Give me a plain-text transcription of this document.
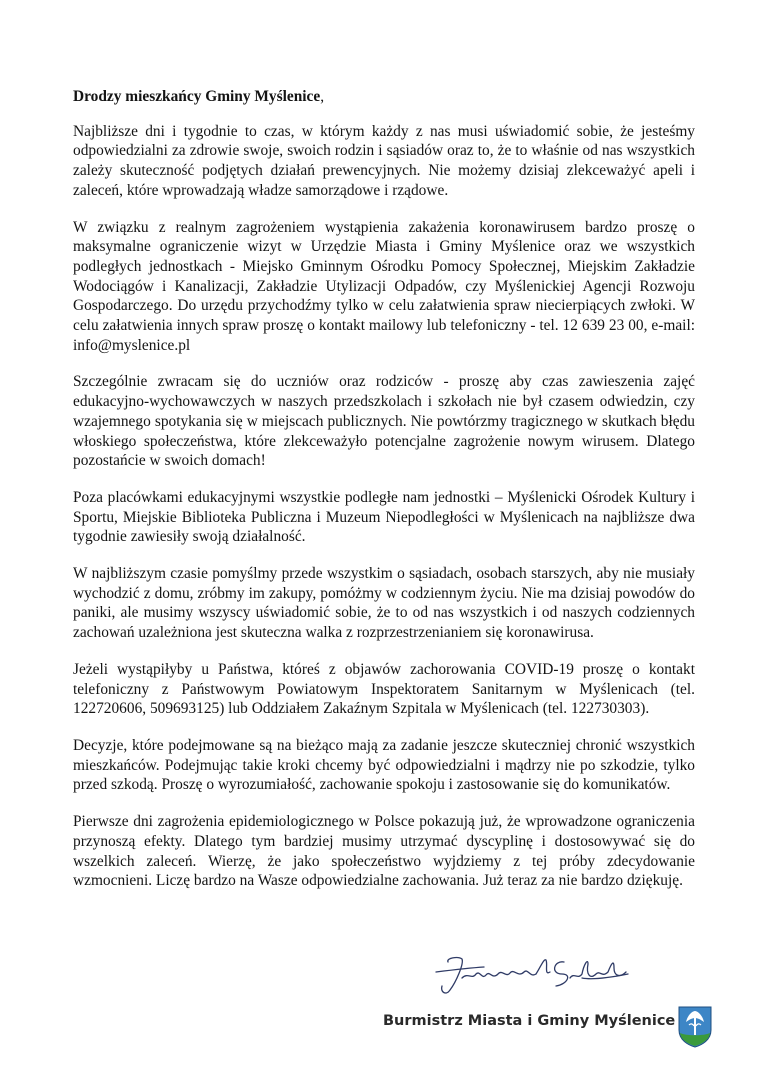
Drodzy mieszkańcy Gminy Myślenice,

Najbliższe dni i tygodnie to czas, w którym każdy z nas musi uświadomić sobie, że jesteśmy odpowiedzialni za zdrowie swoje, swoich rodzin i sąsiadów oraz to, że to właśnie od nas wszystkich zależy skuteczność podjętych działań prewencyjnych. Nie możemy dzisiaj zlekceważyć apeli i zaleceń, które wprowadzają władze samorządowe i rządowe.

W związku z realnym zagrożeniem wystąpienia zakażenia koronawirusem bardzo proszę o maksymalne ograniczenie wizyt w Urzędzie Miasta i Gminy Myślenice oraz we wszystkich podległych jednostkach - Miejsko Gminnym Ośrodku Pomocy Społecznej, Miejskim Zakładzie Wodociągów i Kanalizacji, Zakładzie Utylizacji Odpadów, czy Myślenickiej Agencji Rozwoju Gospodarczego. Do urzędu przychodźmy tylko w celu załatwienia spraw niecierpiących zwłoki. W celu załatwienia innych spraw proszę o kontakt mailowy lub telefoniczny - tel. 12 639 23 00, e-mail: info@myslenice.pl

Szczególnie zwracam się do uczniów oraz rodziców - proszę aby czas zawieszenia zajęć edukacyjno-wychowawczych w naszych przedszkolach i szkołach nie był czasem odwiedzin, czy wzajemnego spotykania się w miejscach publicznych. Nie powtórzmy tragicznego w skutkach błędu włoskiego społeczeństwa, które zlekceważyło potencjalne zagrożenie nowym wirusem. Dlatego pozostańcie w swoich domach!

Poza placówkami edukacyjnymi wszystkie podległe nam jednostki – Myślenicki Ośrodek Kultury i Sportu, Miejskie Biblioteka Publiczna i Muzeum Niepodległości w Myślenicach na najbliższe dwa tygodnie zawiesiły swoją działalność.

W najbliższym czasie pomyślmy przede wszystkim o sąsiadach, osobach starszych, aby nie musiały wychodzić z domu, zróbmy im zakupy, pomóżmy w codziennym życiu. Nie ma dzisiaj powodów do paniki, ale musimy wszyscy uświadomić sobie, że to od nas wszystkich i od naszych codziennych zachowań uzależniona jest skuteczna walka z rozprzestrzenianiem się koronawirusa.

Jeżeli wystąpiłyby u Państwa, któreś z objawów zachorowania COVID-19 proszę o kontakt telefoniczny z Państwowym Powiatowym Inspektoratem Sanitarnym w Myślenicach (tel. 122720606, 509693125) lub Oddziałem Zakaźnym Szpitala w Myślenicach (tel. 122730303).

Decyzje, które podejmowane są na bieżąco mają za zadanie jeszcze skuteczniej chronić wszystkich mieszkańców. Podejmując takie kroki chcemy być odpowiedzialni i mądrzy nie po szkodzie, tylko przed szkodą. Proszę o wyrozumiałość, zachowanie spokoju i zastosowanie się do komunikatów.

Pierwsze dni zagrożenia epidemiologicznego w Polsce pokazują już, że wprowadzone ograniczenia przynoszą efekty. Dlatego tym bardziej musimy utrzymać dyscyplinę i dostosowywać się do wszelkich zaleceń. Wierzę, że jako społeczeństwo wyjdziemy z tej próby zdecydowanie wzmocnieni. Liczę bardzo na Wasze odpowiedzialne zachowania. Już teraz za nie bardzo dziękuję.

Burmistrz Miasta i Gminy Myślenice
